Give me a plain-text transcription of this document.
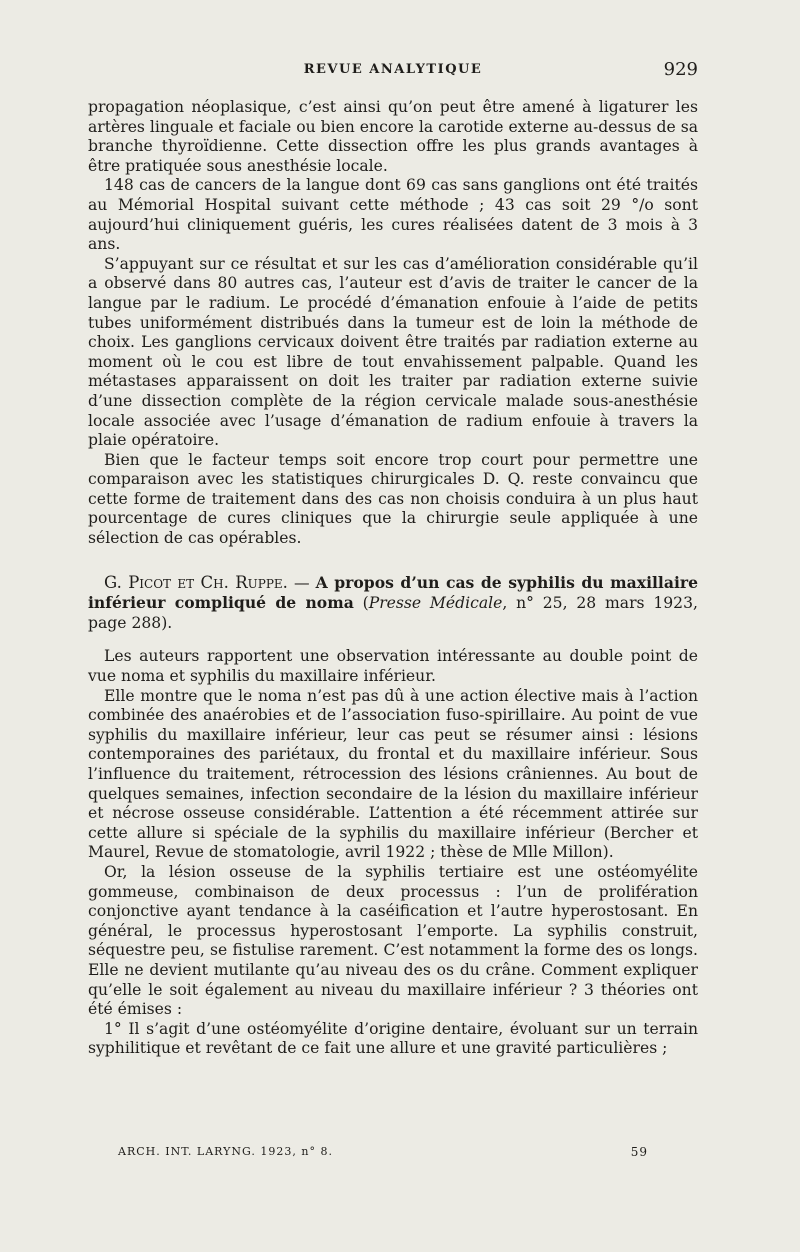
REVUE ANALYTIQUE	929

propagation néoplasique, c’est ainsi qu’on peut être amené à ligaturer les artères linguale et faciale ou bien encore la carotide externe au-dessus de sa branche thyroïdienne. Cette dissection offre les plus grands avantages à être pratiquée sous anesthésie locale.

148 cas de cancers de la langue dont 69 cas sans ganglions ont été traités au Mémorial Hospital suivant cette méthode ; 43 cas soit 29 °/o sont aujourd’hui cliniquement guéris, les cures réalisées datent de 3 mois à 3 ans.

S’appuyant sur ce résultat et sur les cas d’amélioration considérable qu’il a observé dans 80 autres cas, l’auteur est d’avis de traiter le cancer de la langue par le radium. Le procédé d’émanation enfouie à l’aide de petits tubes uniformément distribués dans la tumeur est de loin la méthode de choix. Les ganglions cervicaux doivent être traités par radiation externe au moment où le cou est libre de tout envahissement palpable. Quand les métastases apparaissent on doit les traiter par radiation externe suivie d’une dissection complète de la région cervicale malade sous-anesthésie locale associée avec l’usage d’émanation de radium enfouie à travers la plaie opératoire.

Bien que le facteur temps soit encore trop court pour permettre une comparaison avec les statistiques chirurgicales D. Q. reste convaincu que cette forme de traitement dans des cas non choisis conduira à un plus haut pourcentage de cures cliniques que la chirurgie seule appliquée à une sélection de cas opérables.

G. Picot et Ch. Ruppe. — A propos d’un cas de syphilis du maxillaire inférieur compliqué de noma (Presse Médicale, n° 25, 28 mars 1923, page 288).

Les auteurs rapportent une observation intéressante au double point de vue noma et syphilis du maxillaire inférieur.

Elle montre que le noma n’est pas dû à une action élective mais à l’action combinée des anaérobies et de l’association fuso-spirillaire. Au point de vue syphilis du maxillaire inférieur, leur cas peut se résumer ainsi : lésions contemporaines des pariétaux, du frontal et du maxillaire inférieur. Sous l’influence du traitement, rétrocession des lésions crâniennes. Au bout de quelques semaines, infection secondaire de la lésion du maxillaire inférieur et nécrose osseuse considérable. L’attention a été récemment attirée sur cette allure si spéciale de la syphilis du maxillaire inférieur (Bercher et Maurel, Revue de stomatologie, avril 1922 ; thèse de Mlle Millon).

Or, la lésion osseuse de la syphilis tertiaire est une ostéomyélite gommeuse, combinaison de deux processus : l’un de prolifération conjonctive ayant tendance à la caséification et l’autre hyperostosant. En général, le processus hyperostosant l’emporte. La syphilis construit, séquestre peu, se fistulise rarement. C’est notamment la forme des os longs. Elle ne devient mutilante qu’au niveau des os du crâne. Comment expliquer qu’elle le soit également au niveau du maxillaire inférieur ? 3 théories ont été émises :

1° Il s’agit d’une ostéomyélite d’origine dentaire, évoluant sur un terrain syphilitique et revêtant de ce fait une allure et une gravité particulières ;

ARCH. INT. LARYNG. 1923, n° 8.	59
